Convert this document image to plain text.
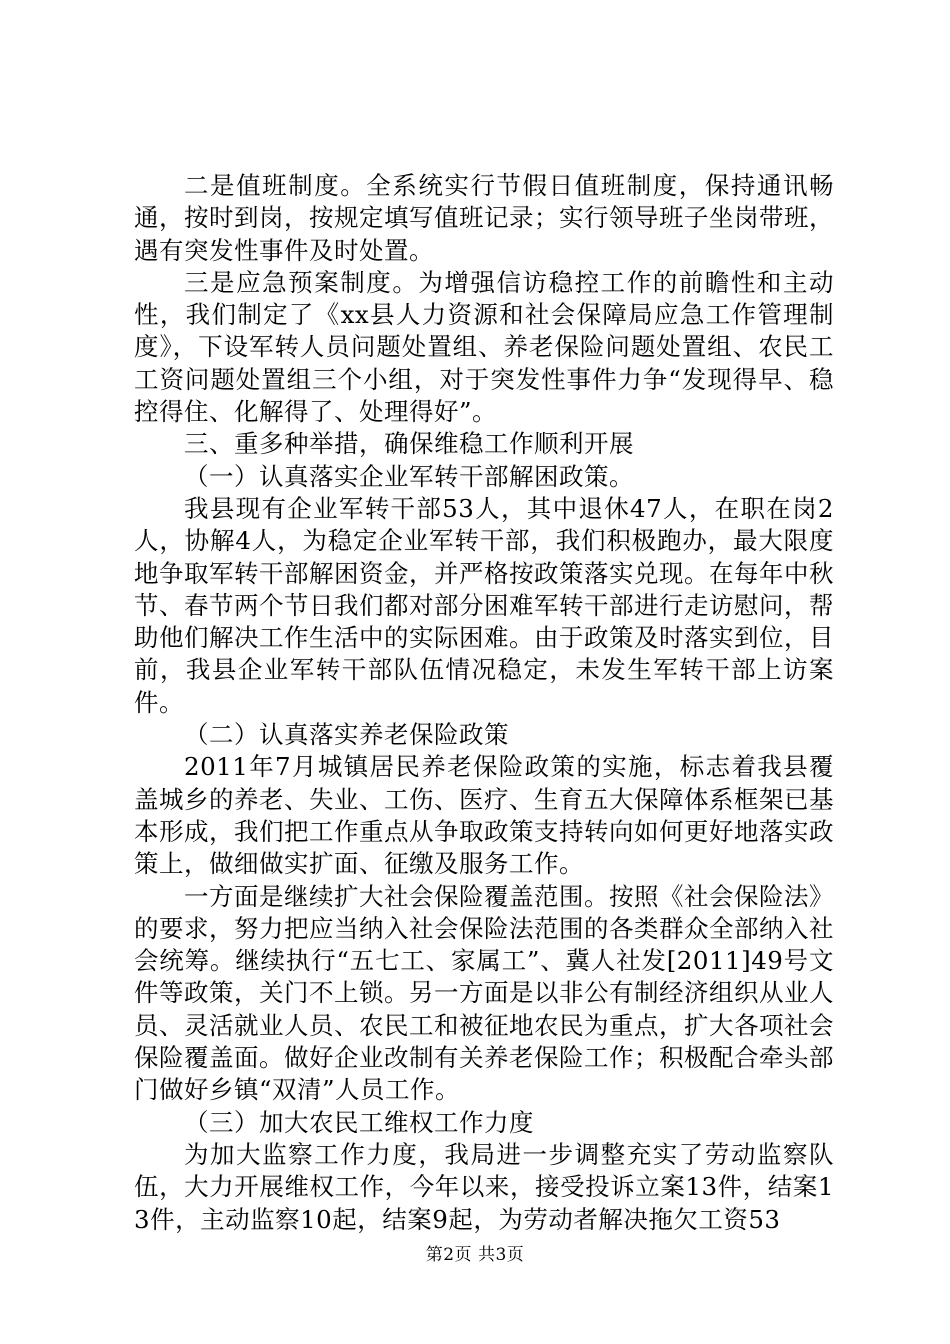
二是值班制度。全系统实行节假日值班制度，保持通讯畅通，按时到岗，按规定填写值班记录；实行领导班子坐岗带班，遇有突发性事件及时处置。

三是应急预案制度。为增强信访稳控工作的前瞻性和主动性，我们制定了《xx县人力资源和社会保障局应急工作管理制度》，下设军转人员问题处置组、养老保险问题处置组、农民工工资问题处置组三个小组，对于突发性事件力争“发现得早、稳控得住、化解得了、处理得好”。

三、重多种举措，确保维稳工作顺利开展

（一）认真落实企业军转干部解困政策。

我县现有企业军转干部53人，其中退休47人，在职在岗2人，协解4人，为稳定企业军转干部，我们积极跑办，最大限度地争取军转干部解困资金，并严格按政策落实兑现。在每年中秋节、春节两个节日我们都对部分困难军转干部进行走访慰问，帮助他们解决工作生活中的实际困难。由于政策及时落实到位，目前，我县企业军转干部队伍情况稳定，未发生军转干部上访案件。

（二）认真落实养老保险政策

2011年7月城镇居民养老保险政策的实施，标志着我县覆盖城乡的养老、失业、工伤、医疗、生育五大保障体系框架已基本形成，我们把工作重点从争取政策支持转向如何更好地落实政策上，做细做实扩面、征缴及服务工作。

一方面是继续扩大社会保险覆盖范围。按照《社会保险法》的要求，努力把应当纳入社会保险法范围的各类群众全部纳入社会统筹。继续执行“五七工、家属工”、冀人社发[2011]49号文件等政策，关门不上锁。另一方面是以非公有制经济组织从业人员、灵活就业人员、农民工和被征地农民为重点，扩大各项社会保险覆盖面。做好企业改制有关养老保险工作；积极配合牵头部门做好乡镇“双清”人员工作。

（三）加大农民工维权工作力度

为加大监察工作力度，我局进一步调整充实了劳动监察队伍，大力开展维权工作，今年以来，接受投诉立案13件，结案13件，主动监察10起，结案9起，为劳动者解决拖欠工资53

第2页 共3页
